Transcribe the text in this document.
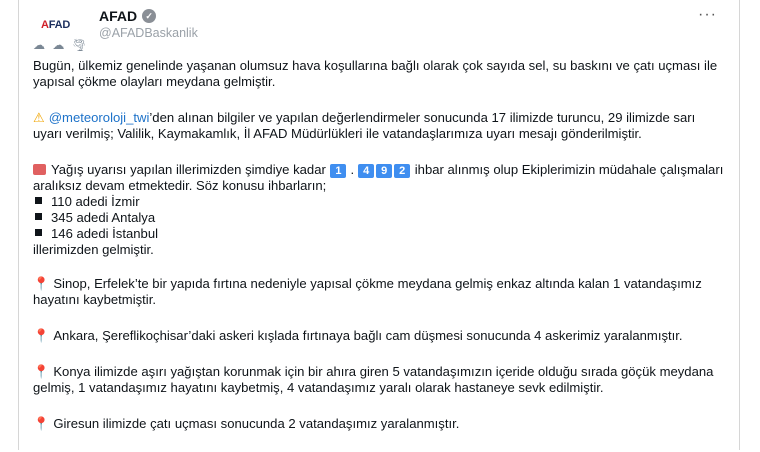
A FAD
AFAD ✓
@AFADBaskanlik
···
☁ ☁ 🌪

Bugün, ülkemiz genelinde yaşanan olumsuz hava koşullarına bağlı olarak çok sayıda sel, su baskını ve çatı uçması ile yapısal çökme olayları meydana gelmiştir.

⚠ @meteoroloji_twi’den alınan bilgiler ve yapılan değerlendirmeler sonucunda 17 ilimizde turuncu, 29 ilimizde sarı uyarı verilmiş; Valilik, Kaymakamlık, İl AFAD Müdürlükleri ile vatandaşlarımıza uyarı mesajı gönderilmiştir.

Yağış uyarısı yapılan illerimizden şimdiye kadar 1 . 4 9 2 ihbar alınmış olup Ekiplerimizin müdahale çalışmaları aralıksız devam etmektedir. Söz konusu ihbarların;
110 adedi İzmir
345 adedi Antalya
146 adedi İstanbul
illerimizden gelmiştir.

📍 Sinop, Erfelek’te bir yapıda fırtına nedeniyle yapısal çökme meydana gelmiş enkaz altında kalan 1 vatandaşımız hayatını kaybetmiştir.

📍 Ankara, Şereflikoçhisar’daki askeri kışlada fırtınaya bağlı cam düşmesi sonucunda 4 askerimiz yaralanmıştır.

📍 Konya ilimizde aşırı yağıştan korunmak için bir ahıra giren 5 vatandaşımızın içeride olduğu sırada göçük meydana gelmiş, 1 vatandaşımız hayatını kaybetmiş, 4 vatandaşımız yaralı olarak hastaneye sevk edilmiştir.

📍 Giresun ilimizde çatı uçması sonucunda 2 vatandaşımız yaralanmıştır.
